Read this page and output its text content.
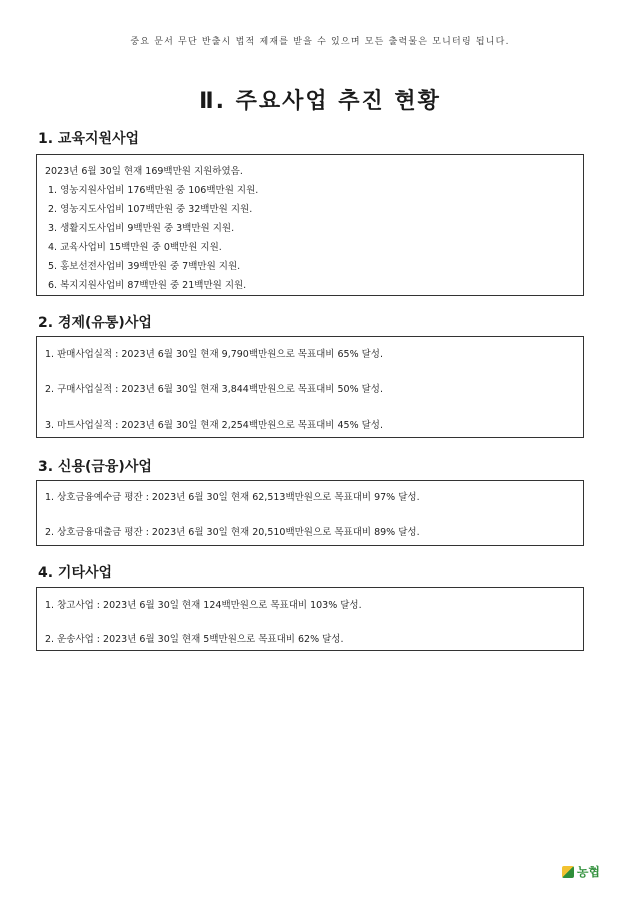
중요 문서 무단 반출시 법적 제재를 받을 수 있으며 모든 출력물은 모니터링 됩니다.
Ⅱ. 주요사업 추진 현황
1. 교육지원사업
2023년 6월 30일 현재 169백만원 지원하였음.
1. 영농지원사업비 176백만원 중 106백만원 지원.
2. 영농지도사업비 107백만원 중 32백만원 지원.
3. 생활지도사업비 9백만원 중 3백만원 지원.
4. 교육사업비 15백만원 중 0백만원 지원.
5. 홍보선전사업비 39백만원 중 7백만원 지원.
6. 복지지원사업비 87백만원 중 21백만원 지원.
2. 경제(유통)사업
1. 판매사업실적 : 2023년 6월 30일 현재 9,790백만원으로 목표대비 65% 달성.
2. 구매사업실적 : 2023년 6월 30일 현재 3,844백만원으로 목표대비 50% 달성.
3. 마트사업실적 : 2023년 6월 30일 현재 2,254백만원으로 목표대비 45% 달성.
3. 신용(금융)사업
1. 상호금융예수금 평잔 : 2023년 6월 30일 현재 62,513백만원으로 목표대비 97% 달성.
2. 상호금융대출금 평잔 : 2023년 6월 30일 현재 20,510백만원으로 목표대비 89% 달성.
4. 기타사업
1. 창고사업 : 2023년 6월 30일 현재 124백만원으로 목표대비 103% 달성.
2. 운송사업 : 2023년 6월 30일 현재 5백만원으로 목표대비 62% 달성.
농협
